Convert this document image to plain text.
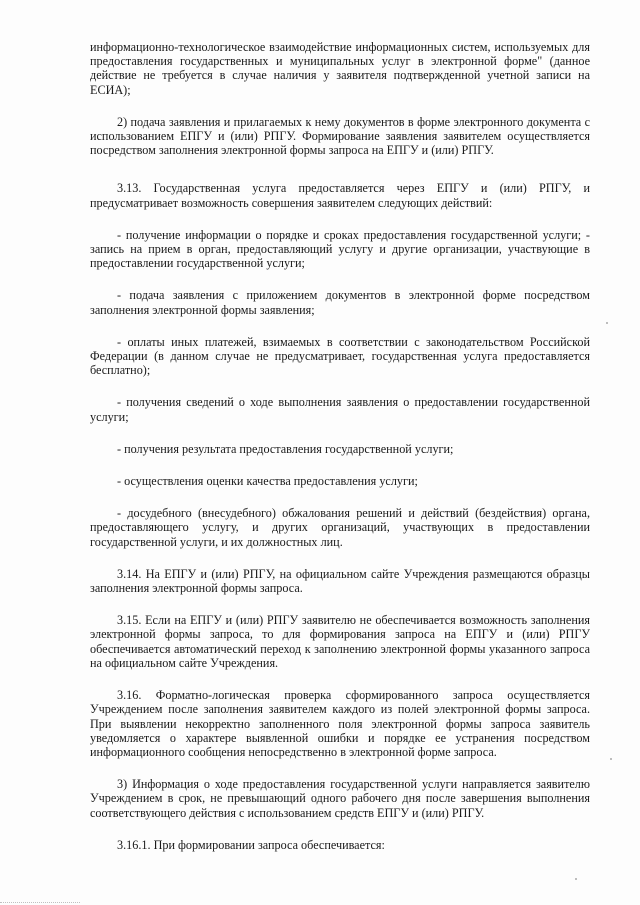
информационно-технологическое взаимодействие информационных систем, используемых для предоставления государственных и муниципальных услуг в электронной форме" (данное действие не требуется в случае наличия у заявителя подтвержденной учетной записи на ЕСИА);

2) подача заявления и прилагаемых к нему документов в форме электронного документа с использованием ЕПГУ и (или) РПГУ. Формирование заявления заявителем осуществляется посредством заполнения электронной формы запроса на ЕПГУ и (или) РПГУ.

3.13. Государственная услуга предоставляется через ЕПГУ и (или) РПГУ, и предусматривает возможность совершения заявителем следующих действий:

- получение информации о порядке и сроках предоставления государственной услуги; - запись на прием в орган, предоставляющий услугу и другие организации, участвующие в предоставлении государственной услуги;

- подача заявления с приложением документов в электронной форме посредством заполнения электронной формы заявления;

- оплаты иных платежей, взимаемых в соответствии с законодательством Российской Федерации (в данном случае не предусматривает, государственная услуга предоставляется бесплатно);

- получения сведений о ходе выполнения заявления о предоставлении государственной услуги;

- получения результата предоставления государственной услуги;

- осуществления оценки качества предоставления услуги;

- досудебного (внесудебного) обжалования решений и действий (бездействия) органа, предоставляющего услугу, и других организаций, участвующих в предоставлении государственной услуги, и их должностных лиц.

3.14. На ЕПГУ и (или) РПГУ, на официальном сайте Учреждения размещаются образцы заполнения электронной формы запроса.

3.15. Если на ЕПГУ и (или) РПГУ заявителю не обеспечивается возможность заполнения электронной формы запроса, то для формирования запроса на ЕПГУ и (или) РПГУ обеспечивается автоматический переход к заполнению электронной формы указанного запроса на официальном сайте Учреждения.

3.16. Форматно-логическая проверка сформированного запроса осуществляется Учреждением после заполнения заявителем каждого из полей электронной формы запроса. При выявлении некорректно заполненного поля электронной формы запроса заявитель уведомляется о характере выявленной ошибки и порядке ее устранения посредством информационного сообщения непосредственно в электронной форме запроса.

3) Информация о ходе предоставления государственной услуги направляется заявителю Учреждением в срок, не превышающий одного рабочего дня после завершения выполнения соответствующего действия с использованием средств ЕПГУ и (или) РПГУ.

3.16.1. При формировании запроса обеспечивается:
